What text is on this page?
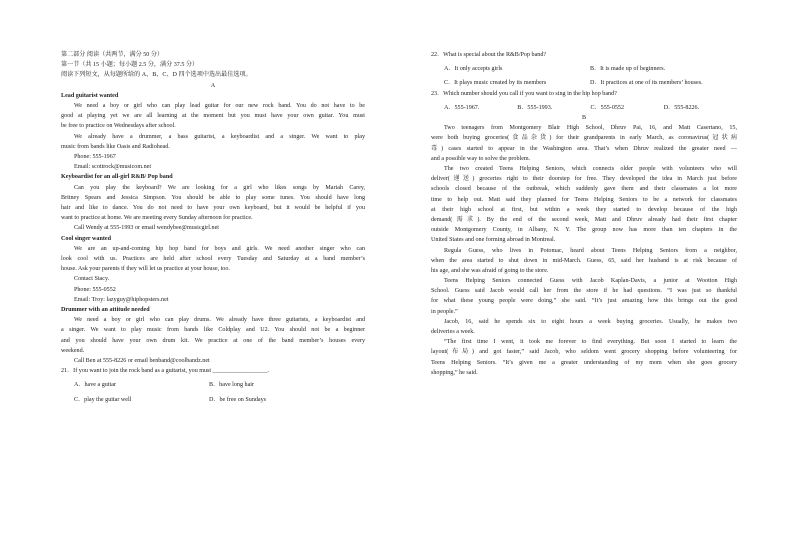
第二部分 阅读（共两节，满分 50 分）
第一节（共 15 小题；每小题 2.5 分，满分 37.5 分）
阅读下列短文，从每题所给的 A、B、C、D 四个选项中选出最佳选项。
A
Lead guitarist wanted
We need a boy or girl who can play lead guitar for our new rock band. You do not have to be
good at playing yet we are all learning at the moment but you must have your own guitar. You must
be free to practice on Wednesdays after school.
We already have a drummer, a bass guitarist, a keyboardist and a singer. We want to play
music from bands like Oasis and Radiohead.
Phone: 555-1967
Email: scottrock@musicom.net
Keyboardist for an all-girl R&B/ Pop band
Can you play the keyboard? We are looking for a girl who likes songs by Mariah Carey,
Britney Spears and Jessica Simpson. You should be able to play some tunes. You should have long
hair and like to dance. You do not need to have your own keyboard, but it would be helpful if you
want to practice at home. We are meeting every Sunday afternoon for practice.
Call Wendy at 555-1993 or email wendybee@musicgirl.net
Cool singer wanted
We are an up-and-coming hip hop band for boys and girls. We need another singer who can
look cool with us. Practices are held after school every Tuesday and Saturday at a band member’s
house. Ask your parents if they will let us practice at your house, too.
Contact Stacy.
Phone: 555-0552
Email: Troy: lazyguy@hiphopsters.net
Drummer with an attitude needed
We need a boy or girl who can play drums. We already have three guitarists, a keyboardist and
a singer. We want to play music from bands like Coldplay and U2. You should not be a beginner
and you should have your own drum kit. We practice at one of the band member’s houses every
weekend.
Call Ben at 555-8226 or email benband@coolbandz.net
21．If you want to join the rock band as a guitarist, you must __________________.
A．have a guitar	B．have long hair
C．play the guitar well	D．be free on Sundays
22．What is special about the R&B/Pop band?
A．It only accepts girls	B．It is made up of beginners.
C．It plays music created by its members	D．It practices at one of its members’ houses.
23．Which number should you call if you want to sing in the hip hop band?
A．555-1967.	B．555-1993.	C．555-0552	D．555-8226.
B
Two teenagers from Montgomery Blair High School, Dhruv Pai, 16, and Matt Casertano, 15,
were both buying groceries(食品杂货) for their grandparents in early March, as coronavirus(冠状病
毒) cases started to appear in the Washington area. That’s when Dhruv realized the greater need —
and a possible way to solve the problem.
The two created Teens Helping Seniors, which connects older people with volunteers who will
deliver(递送) groceries right to their doorstep for free. They developed the idea in March just before
schools closed because of the outbreak, which suddenly gave them and their classmates a lot more
time to help out. Matt said they planned for Teens Helping Seniors to be a network for classmates
at their high school at first, but within a week they started to develop because of the high
demand(需求). By the end of the second week, Matt and Dhruv already had their first chapter
outside Montgomery County, in Albany, N. Y. The group now has more than ten chapters in the
United States and one forming abroad in Montreal.
Regula Guess, who lives in Potomac, heard about Teens Helping Seniors from a neighbor,
when the area started to shut down in mid-March. Guess, 65, said her husband is at risk because of
his age, and she was afraid of going to the store.
Teens Helping Seniors connected Guess with Jacob Kaplan-Davis, a junior at Wootton High
School. Guess said Jacob would call her from the store if he had questions. “I was just so thankful
for what these young people were doing,” she said. “It’s just amazing how this brings out the good
in people.”
Jacob, 16, said he spends six to eight hours a week buying groceries. Usually, he makes two
deliveries a week.
“The first time I went, it took me forever to find everything. But soon I started to learn the
layout(布局) and got faster,” said Jacob, who seldom went grocery shopping before volunteering for
Teens Helping Seniors. “It’s given me a greater understanding of my mom when she goes grocery
shopping,” he said.
